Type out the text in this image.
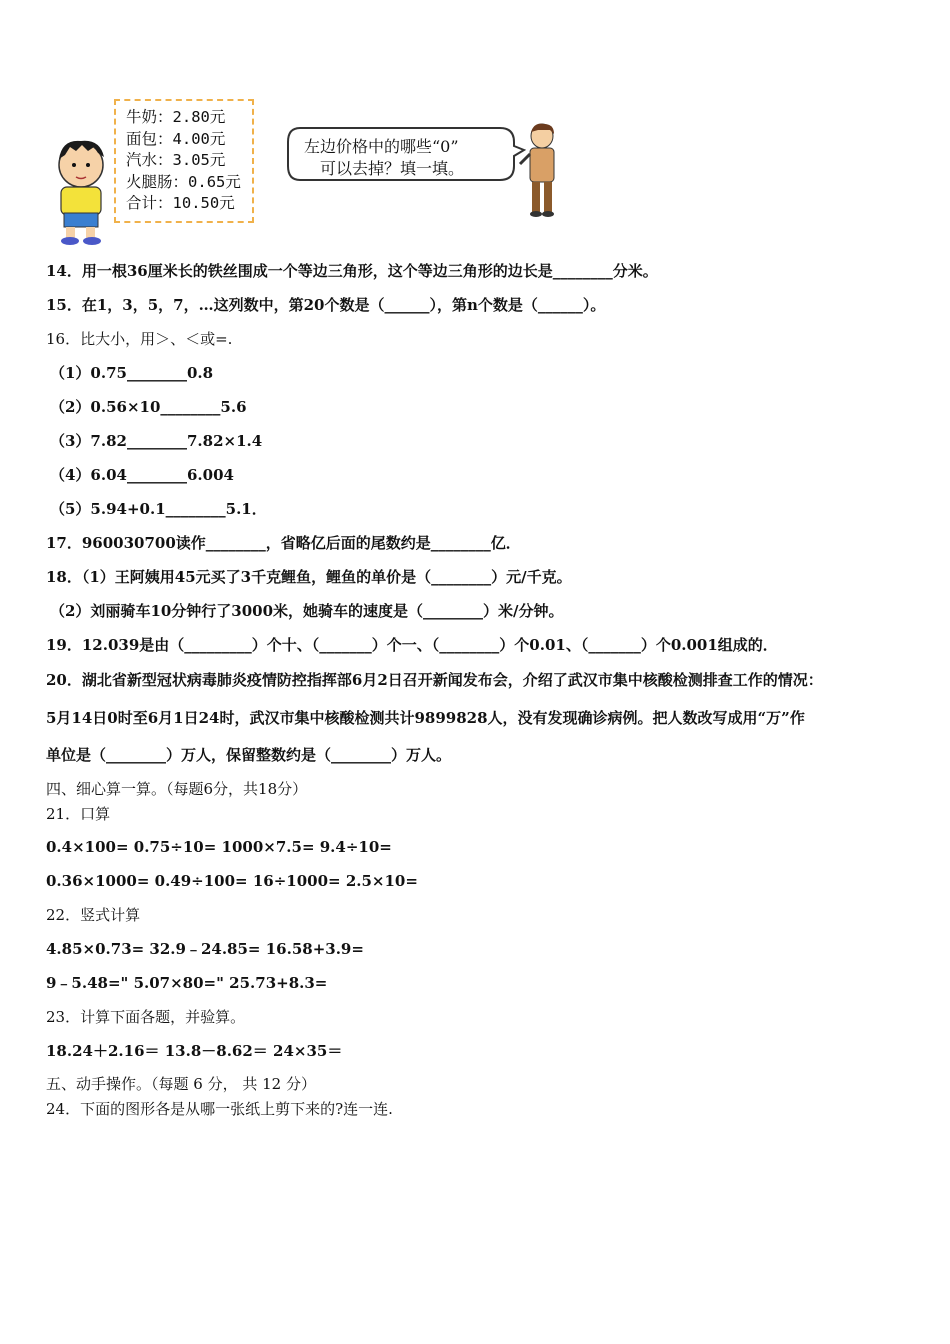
牛奶：2.80元
面包：4.00元
汽水：3.05元
火腿肠：0.65元
合计：10.50元
左边价格中的哪些“0”
可以去掉？填一填。
14．用一根36厘米长的铁丝围成一个等边三角形，这个等边三角形的边长是________分米。
15．在1，3，5，7，…这列数中，第20个数是（______），第n个数是（______）。
16．比大小，用＞、＜或=.
（1）0.75________0.8
（2）0.56×10________5.6
（3）7.82________7.82×1.4
（4）6.04________6.004
（5）5.94+0.1________5.1．
17．960030700读作________，省略亿后面的尾数约是________亿．
18．（1）王阿姨用45元买了3千克鲤鱼，鲤鱼的单价是（________）元/千克。
（2）刘丽骑车10分钟行了3000米，她骑车的速度是（________）米/分钟。
19．12.039是由（_________）个十、（_______）个一、（________）个0.01、（_______）个0.001组成的．
20．湖北省新型冠状病毒肺炎疫情防控指挥部6月2日召开新闻发布会，介绍了武汉市集中核酸检测排查工作的情况：
5月14日0时至6月1日24时，武汉市集中核酸检测共计9899828人，没有发现确诊病例。把人数改写成用“万”作
单位是（________）万人，保留整数约是（________）万人。
四、细心算一算。（每题6分，共18分）
21．口算
0.4×100= 0.75÷10= 1000×7.5= 9.4÷10=
0.36×1000= 0.49÷100= 16÷1000= 2.5×10=
22．竖式计算
4.85×0.73= 32.9﹣24.85= 16.58+3.9=
9﹣5.48=" 5.07×80=" 25.73+8.3=
23．计算下面各题，并验算。
18.24＋2.16＝ 13.8－8.62＝ 24×35＝
五、动手操作。（每题 6 分， 共 12 分）
24．下面的图形各是从哪一张纸上剪下来的?连一连.
